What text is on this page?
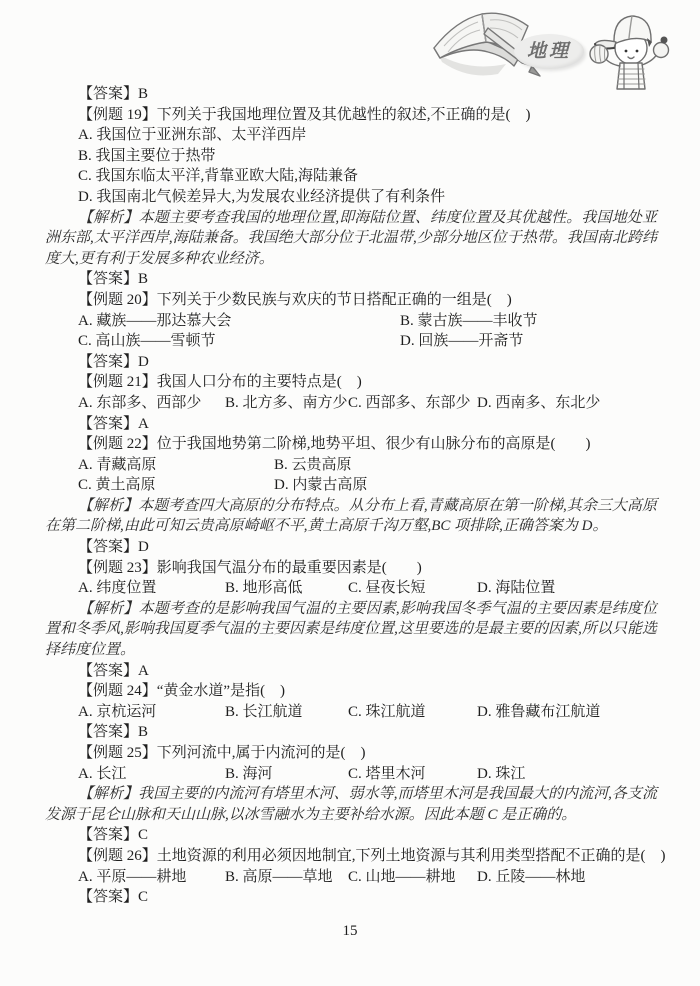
地理
【答案】B
【例题 19】下列关于我国地理位置及其优越性的叙述,不正确的是(　)
A. 我国位于亚洲东部、太平洋西岸
B. 我国主要位于热带
C. 我国东临太平洋,背靠亚欧大陆,海陆兼备
D. 我国南北气候差异大,为发展农业经济提供了有利条件

【解析】本题主要考查我国的地理位置,即海陆位置、纬度位置及其优越性。我国地处亚洲东部,太平洋西岸,海陆兼备。我国绝大部分位于北温带,少部分地区位于热带。我国南北跨纬度大,更有利于发展多种农业经济。

【答案】B
【例题 20】下列关于少数民族与欢庆的节日搭配正确的一组是(　)
A. 藏族——那达慕大会	B. 蒙古族——丰收节
C. 高山族——雪顿节	D. 回族——开斋节
【答案】D
【例题 21】我国人口分布的主要特点是(　)
A. 东部多、西部少	B. 北方多、南方少 C. 西部多、东部少 D. 西南多、东北少
【答案】A
【例题 22】位于我国地势第二阶梯,地势平坦、很少有山脉分布的高原是(　　)
A. 青藏高原	B. 云贵高原
C. 黄土高原	D. 内蒙古高原

【解析】本题考查四大高原的分布特点。从分布上看,青藏高原在第一阶梯,其余三大高原在第二阶梯,由此可知云贵高原崎岖不平,黄土高原千沟万壑,BC 项排除,正确答案为 D。

【答案】D
【例题 23】影响我国气温分布的最重要因素是(　　)
A. 纬度位置	B. 地形高低	C. 昼夜长短	D. 海陆位置

【解析】本题考查的是影响我国气温的主要因素,影响我国冬季气温的主要因素是纬度位置和冬季风,影响我国夏季气温的主要因素是纬度位置,这里要选的是最主要的因素,所以只能选择纬度位置。

【答案】A
【例题 24】“黄金水道”是指(　)
A. 京杭运河	B. 长江航道	C. 珠江航道	D. 雅鲁藏布江航道
【答案】B
【例题 25】下列河流中,属于内流河的是(　)
A. 长江	B. 海河	C. 塔里木河	D. 珠江

【解析】我国主要的内流河有塔里木河、弱水等,而塔里木河是我国最大的内流河,各支流发源于昆仑山脉和天山山脉,以冰雪融水为主要补给水源。因此本题 C 是正确的。

【答案】C
【例题 26】土地资源的利用必须因地制宜,下列土地资源与其利用类型搭配不正确的是(　)
A. 平原——耕地	B. 高原——草地	C. 山地——耕地	D. 丘陵——林地
【答案】C
15
